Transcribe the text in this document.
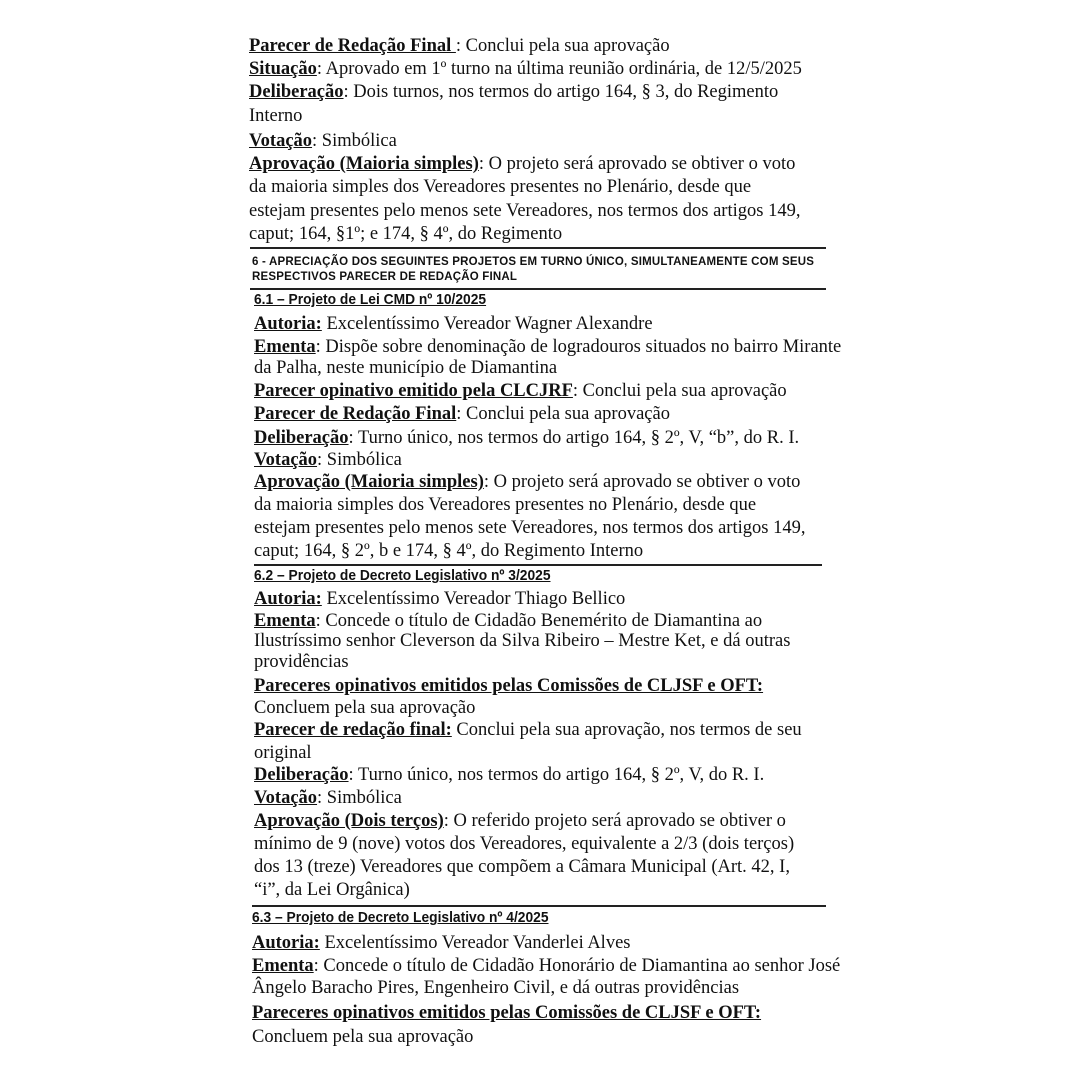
Parecer de Redação Final : Conclui pela sua aprovação
Situação: Aprovado em 1º turno na última reunião ordinária, de 12/5/2025
Deliberação: Dois turnos, nos termos do artigo 164, § 3, do Regimento
Interno
Votação: Simbólica
Aprovação (Maioria simples): O projeto será aprovado se obtiver o voto
da maioria simples dos Vereadores presentes no Plenário, desde que
estejam presentes pelo menos sete Vereadores, nos termos dos artigos 149,
caput; 164, §1º; e 174, § 4º, do Regimento
6 - APRECIAÇÃO DOS SEGUINTES PROJETOS EM TURNO ÚNICO, SIMULTANEAMENTE COM SEUS
RESPECTIVOS PARECER DE REDAÇÃO FINAL
6.1 – Projeto de Lei CMD nº 10/2025
Autoria: Excelentíssimo Vereador Wagner Alexandre
Ementa: Dispõe sobre denominação de logradouros situados no bairro Mirante
da Palha, neste município de Diamantina
Parecer opinativo emitido pela CLCJRF: Conclui pela sua aprovação
Parecer de Redação Final: Conclui pela sua aprovação
Deliberação: Turno único, nos termos do artigo 164, § 2º, V, “b”, do R. I.
Votação: Simbólica
Aprovação (Maioria simples): O projeto será aprovado se obtiver o voto
da maioria simples dos Vereadores presentes no Plenário, desde que
estejam presentes pelo menos sete Vereadores, nos termos dos artigos 149,
caput; 164, § 2º, b e 174, § 4º, do Regimento Interno
6.2 – Projeto de Decreto Legislativo nº 3/2025
Autoria: Excelentíssimo Vereador Thiago Bellico
Ementa: Concede o título de Cidadão Benemérito de Diamantina ao
Ilustríssimo senhor Cleverson da Silva Ribeiro – Mestre Ket, e dá outras
providências
Pareceres opinativos emitidos pelas Comissões de CLJSF e OFT:
Concluem pela sua aprovação
Parecer de redação final: Conclui pela sua aprovação, nos termos de seu
original
Deliberação: Turno único, nos termos do artigo 164, § 2º, V, do R. I.
Votação: Simbólica
Aprovação (Dois terços): O referido projeto será aprovado se obtiver o
mínimo de 9 (nove) votos dos Vereadores, equivalente a 2/3 (dois terços)
dos 13 (treze) Vereadores que compõem a Câmara Municipal (Art. 42, I,
“i”, da Lei Orgânica)
6.3 – Projeto de Decreto Legislativo nº 4/2025
Autoria: Excelentíssimo Vereador Vanderlei Alves
Ementa: Concede o título de Cidadão Honorário de Diamantina ao senhor José
Ângelo Baracho Pires, Engenheiro Civil, e dá outras providências
Pareceres opinativos emitidos pelas Comissões de CLJSF e OFT:
Concluem pela sua aprovação
